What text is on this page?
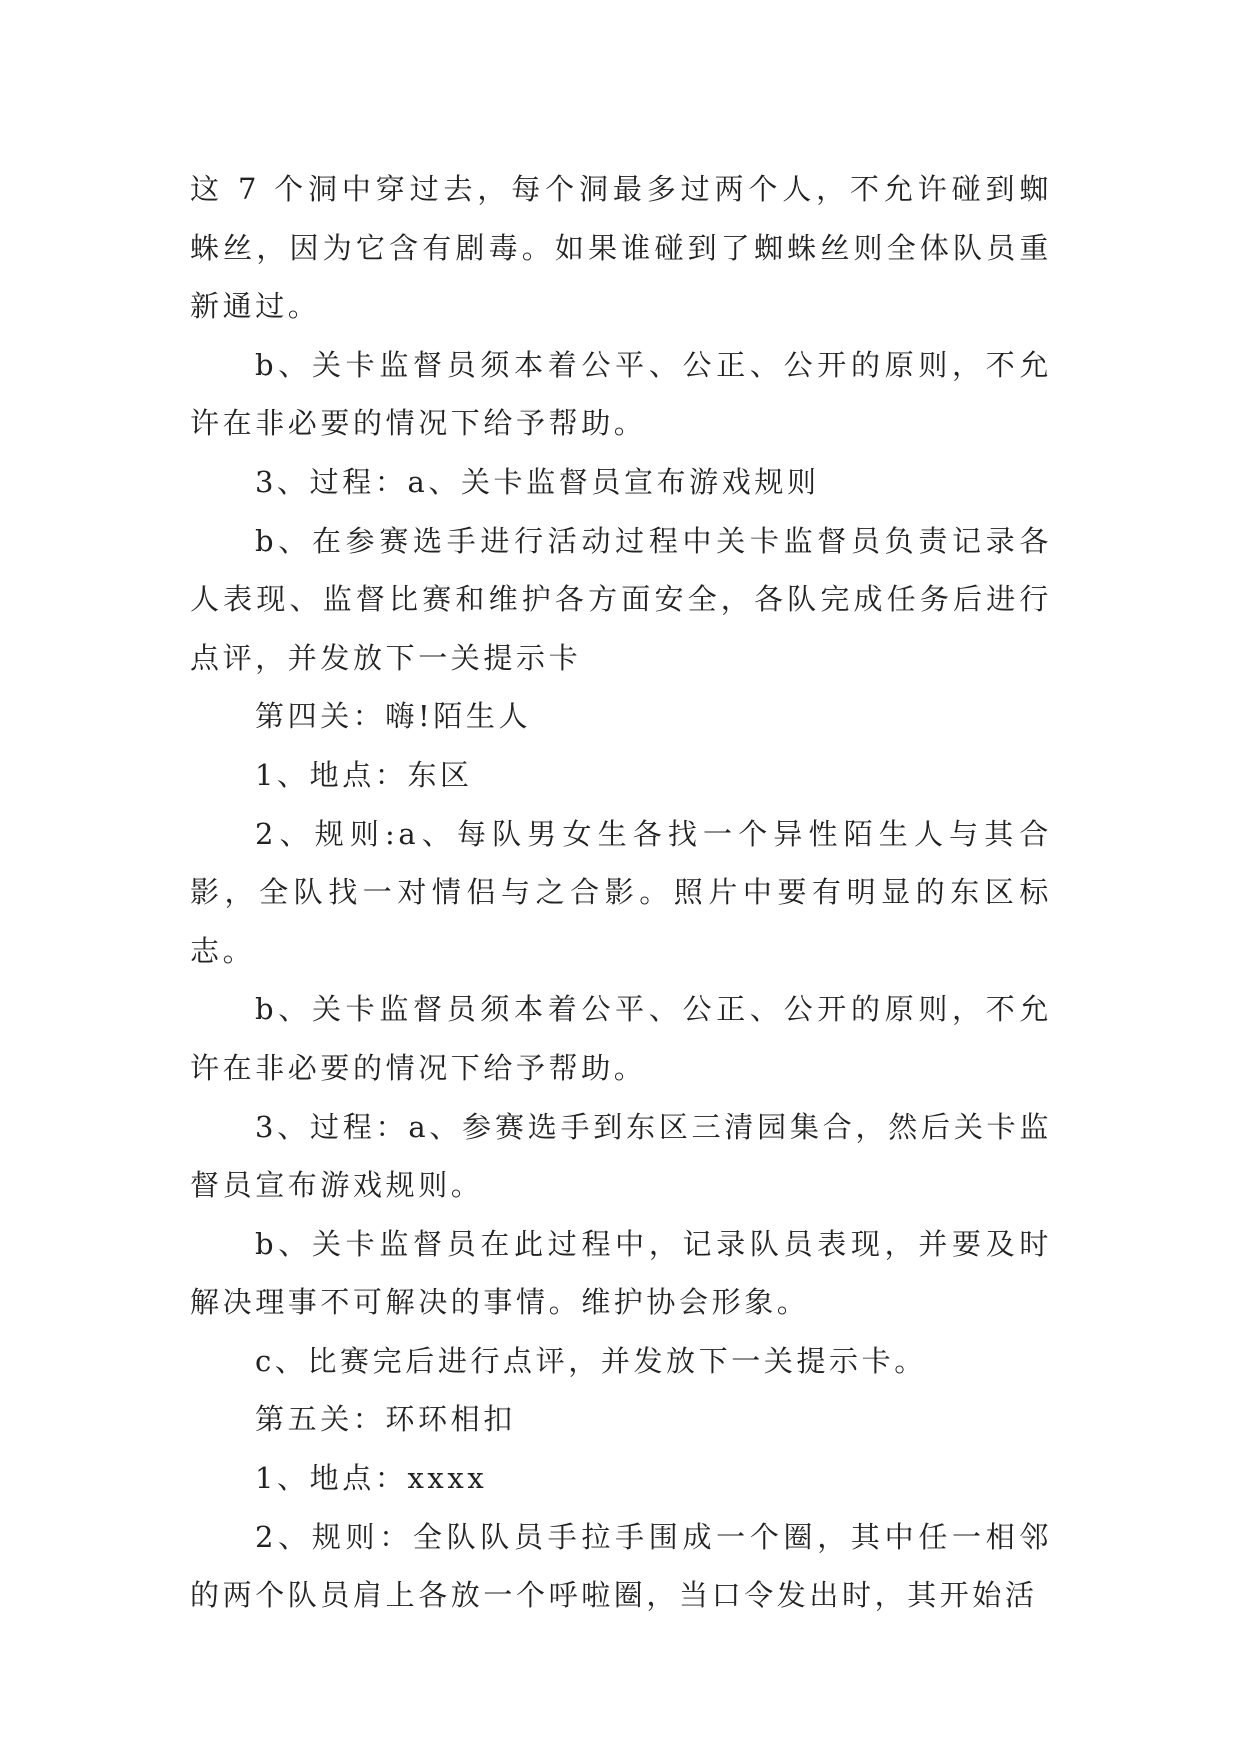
这 7 个洞中穿过去，每个洞最多过两个人，不允许碰到蜘蛛丝，因为它含有剧毒。如果谁碰到了蜘蛛丝则全体队员重新通过。

b、关卡监督员须本着公平、公正、公开的原则，不允许在非必要的情况下给予帮助。

3、过程：a、关卡监督员宣布游戏规则

b、在参赛选手进行活动过程中关卡监督员负责记录各人表现、监督比赛和维护各方面安全，各队完成任务后进行点评，并发放下一关提示卡

第四关：嗨!陌生人

1、地点：东区

2、规则:a、每队男女生各找一个异性陌生人与其合影，全队找一对情侣与之合影。照片中要有明显的东区标志。

b、关卡监督员须本着公平、公正、公开的原则，不允许在非必要的情况下给予帮助。

3、过程：a、参赛选手到东区三清园集合，然后关卡监督员宣布游戏规则。

b、关卡监督员在此过程中，记录队员表现，并要及时解决理事不可解决的事情。维护协会形象。

c、比赛完后进行点评，并发放下一关提示卡。

第五关：环环相扣

1、地点：xxxx

2、规则：全队队员手拉手围成一个圈，其中任一相邻的两个队员肩上各放一个呼啦圈，当口令发出时，其开始活
